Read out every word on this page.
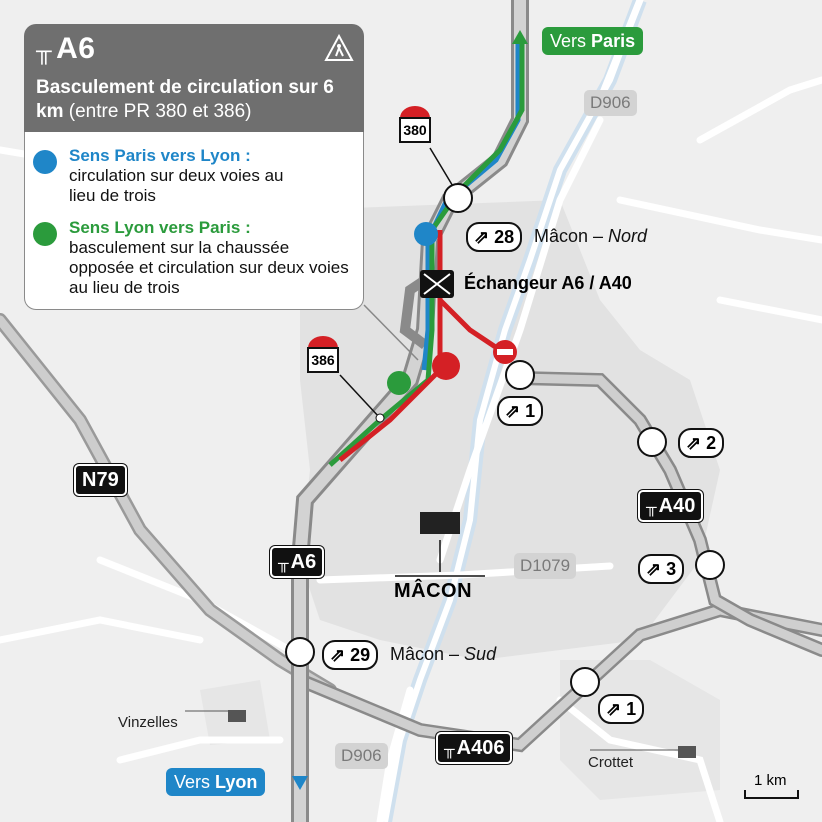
╥ A6
Basculement de circulation sur 6 km (entre PR 380 et 386)
Sens Paris vers Lyon :
circulation sur deux voies au lieu de trois
Sens Lyon vers Paris :
basculement sur la chaussée opposée et circulation sur deux voies au lieu de trois
Vers Paris
Vers Lyon
╥ A6
╥ A40
╥ A406
N79
D906
D906
D1079
380
386
Échangeur A6 / A40
⇗ 28	Mâcon – Nord
⇗ 29	Mâcon – Sud
⇗ 1
⇗ 2
⇗ 3
⇗ 1
MÂCON
Vinzelles
Crottet
1 km
